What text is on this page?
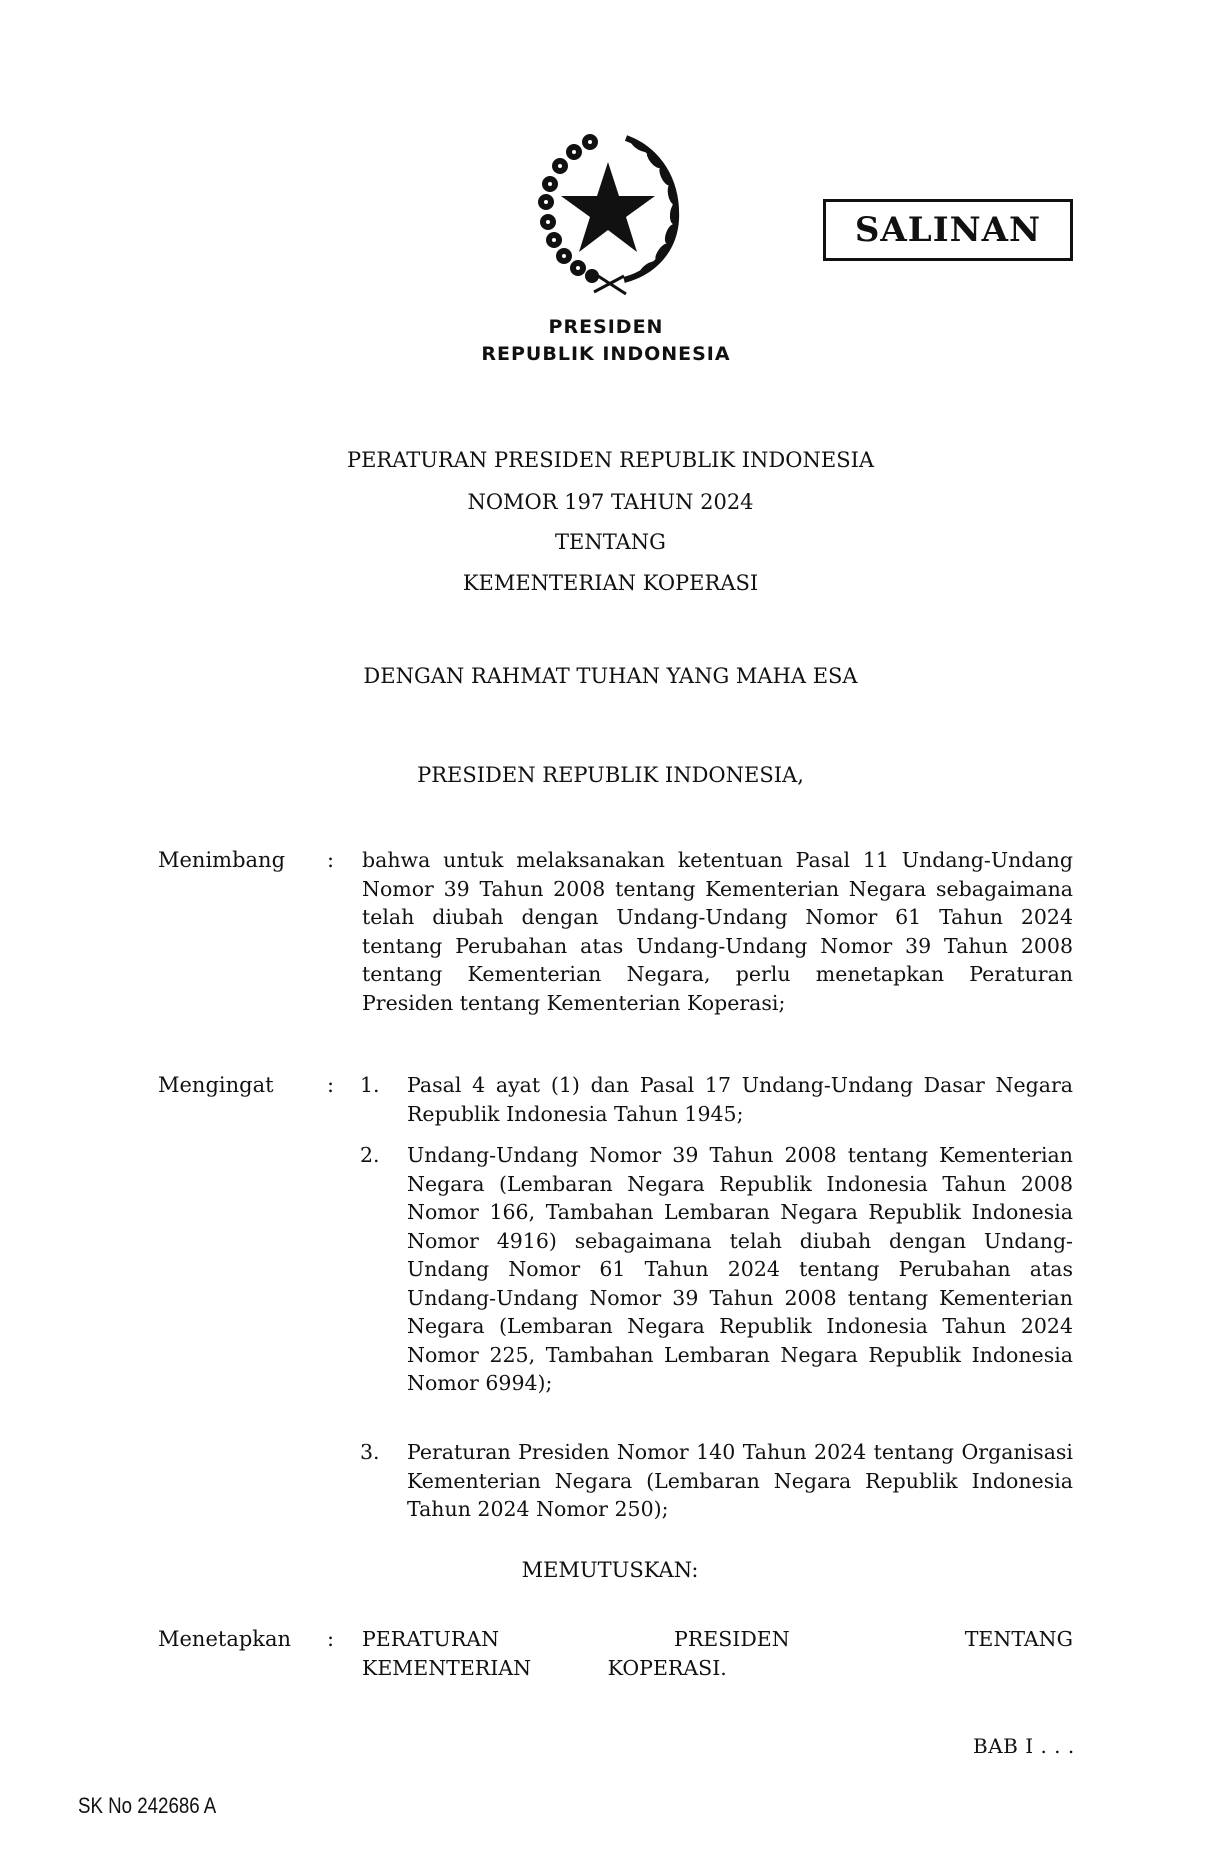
PRESIDEN
REPUBLIK INDONESIA
SALINAN
PERATURAN PRESIDEN REPUBLIK INDONESIA
NOMOR 197 TAHUN 2024
TENTANG
KEMENTERIAN KOPERASI
DENGAN RAHMAT TUHAN YANG MAHA ESA
PRESIDEN REPUBLIK INDONESIA,
Menimbang : bahwa untuk melaksanakan ketentuan Pasal 11 Undang-Undang Nomor 39 Tahun 2008 tentang Kementerian Negara sebagaimana telah diubah dengan Undang-Undang Nomor 61 Tahun 2024 tentang Perubahan atas Undang-Undang Nomor 39 Tahun 2008 tentang Kementerian Negara, perlu menetapkan Peraturan Presiden tentang Kementerian Koperasi;
Mengingat	: 1. Pasal 4 ayat (1) dan Pasal 17 Undang-Undang Dasar Negara Republik Indonesia Tahun 1945;
2. Undang-Undang Nomor 39 Tahun 2008 tentang Kementerian Negara (Lembaran Negara Republik Indonesia Tahun 2008 Nomor 166, Tambahan Lembaran Negara Republik Indonesia Nomor 4916) sebagaimana telah diubah dengan Undang-Undang Nomor 61 Tahun 2024 tentang Perubahan atas Undang-Undang Nomor 39 Tahun 2008 tentang Kementerian Negara (Lembaran Negara Republik Indonesia Tahun 2024 Nomor 225, Tambahan Lembaran Negara Republik Indonesia Nomor 6994);
3. Peraturan Presiden Nomor 140 Tahun 2024 tentang Organisasi Kementerian Negara (Lembaran Negara Republik Indonesia Tahun 2024 Nomor 250);
MEMUTUSKAN:
Menetapkan : PERATURAN PRESIDEN TENTANG KEMENTERIAN KOPERASI.
BAB I . . .
SK No 242686 A
